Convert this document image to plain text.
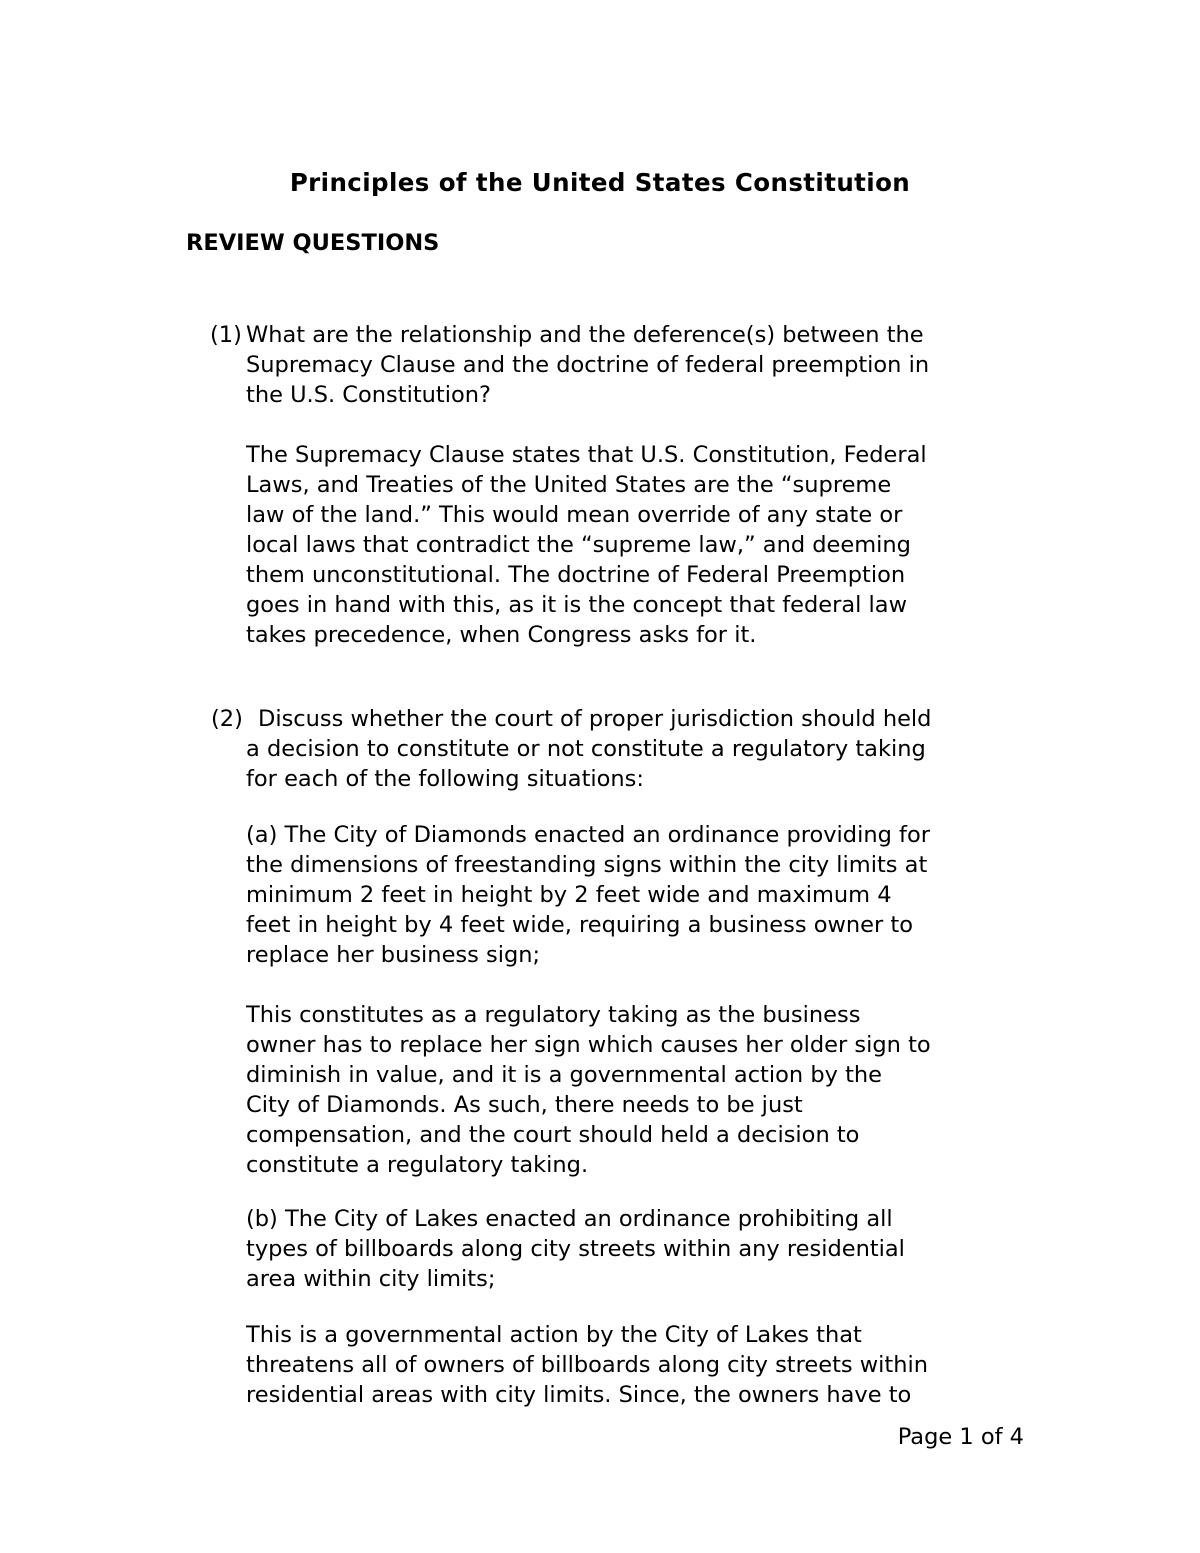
Principles of the United States Constitution
REVIEW QUESTIONS

(1) What are the relationship and the deference(s) between the
Supremacy Clause and the doctrine of federal preemption in
the U.S. Constitution?

The Supremacy Clause states that U.S. Constitution, Federal
Laws, and Treaties of the United States are the “supreme
law of the land.” This would mean override of any state or
local laws that contradict the “supreme law,” and deeming
them unconstitutional. The doctrine of Federal Preemption
goes in hand with this, as it is the concept that federal law
takes precedence, when Congress asks for it.

(2) Discuss whether the court of proper jurisdiction should held
a decision to constitute or not constitute a regulatory taking
for each of the following situations:

(a) The City of Diamonds enacted an ordinance providing for
the dimensions of freestanding signs within the city limits at
minimum 2 feet in height by 2 feet wide and maximum 4
feet in height by 4 feet wide, requiring a business owner to
replace her business sign;

This constitutes as a regulatory taking as the business
owner has to replace her sign which causes her older sign to
diminish in value, and it is a governmental action by the
City of Diamonds. As such, there needs to be just
compensation, and the court should held a decision to
constitute a regulatory taking.

(b) The City of Lakes enacted an ordinance prohibiting all
types of billboards along city streets within any residential
area within city limits;

This is a governmental action by the City of Lakes that
threatens all of owners of billboards along city streets within
residential areas with city limits. Since, the owners have to

Page 1 of 4
